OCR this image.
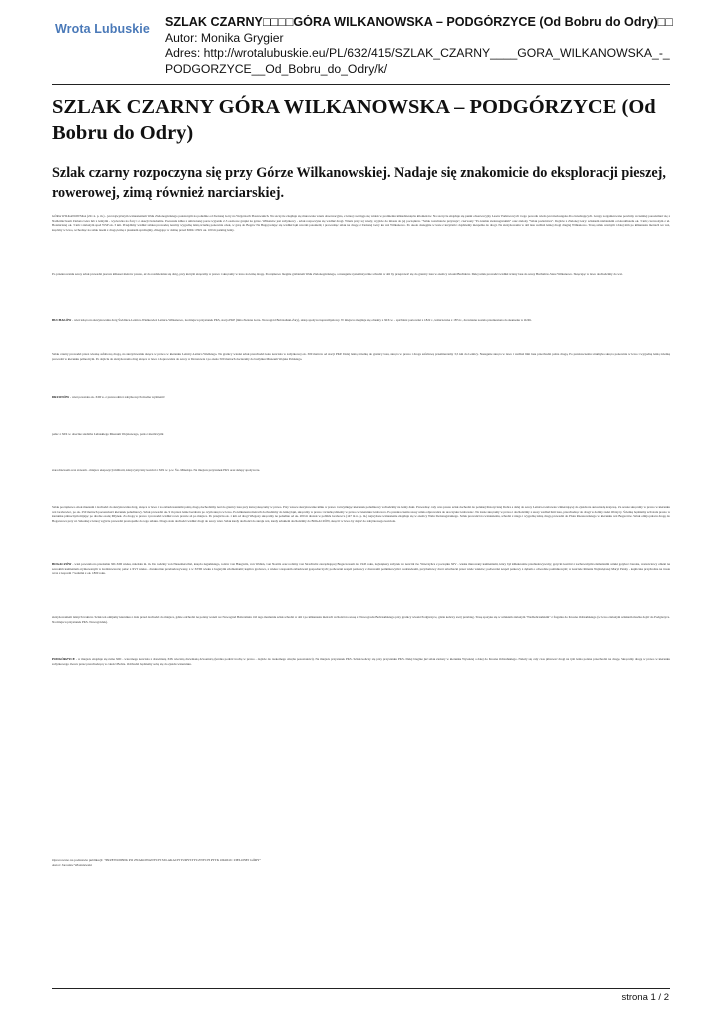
Wrota Lubuskie SZLAK CZARNY□□□□GÓRA WILKANOWSKA – PODGÓRZYCE (Od Bobru do Odry)□□
Autor: Monika Grygier
Adres: http://wrotalubuskie.eu/PL/632/415/SZLAK_CZARNY____GORA_WILKANOWSKA_-_
PODGORZYCE__Od_Bobru_do_Odry/k/
SZLAK CZARNY GÓRA WILKANOWSKA – PODGÓRZYCE (Od Bobru do Odry)
Szlak czarny rozpoczyna się przy Górze Wilkanowskiej. Nadaje się znakomicie do eksploracji pieszej, rowerowej, zimą również narciarskiej.
GÓRA WILKANOWSKA (221 n. p. m.) - jest najwyższym wzniesieniem Wału Zielonogórskiego położonym na południe od Zielonej Góry na Wzgórzach Piastowskich. Na szczycie znajduje się murowana wieża obserwacyjna, z której rozciąga się widok w promieniu kilkudziesięciu kilometrów. Na szczycie znajduje się punkt obserwacyjny Lasów Państwowych i tego powodu wieża jest niedostępna dla zwiedzających. Grupy zorganizowane powinny wcześniej porozumieć się z Nadleśnictwem Zielona Góra lub z leśnymi - wycieczka na Żary i z okazji świadomie. Pozostałe kilku z umówionej porze wyjazdu 2-3 osobowe grupki na górze. Wilkanów jest zabytkowy - szlak rozpoczyna się wzdłuż drogi. Wieża przy tej wieży, wyjście do miasta do jej początków. "Szlak rozwiniecie przystaje", czerwony "Po kramie zielonogórskim" oraz zielony "Szlak pożarnicza". Dojście z Zielonej Góry: szlakiem niebieskim od Areałhotelu ok. 3 km; czerwonym z ul. Botanicznej ok. 3 km i zielonym spod WSP ok. 3 km. Przejdźmy wzdłuż szlaku prowadzą nawiny wygodną leśną ścieżką ponownie obok, w górę do Bogów Na Bugaj udając się wzdłuż łąki rzeczki potokiem; i prowadząc szlak na drogę z Zielonej Góry ku wsi Wilkanowo. Po około dosięgnie w lesie z krzyżem i dojdziemy niespełna do drogi. Na skrzyżowaniu w dół lasu wzdłuż leśnej drogi drugiej Wilkanowo. Trasą szlak czarnym i dalej nim po kilkunastu metrach we wsi, kręcimy w lewo, wchodząc na szlak lasem z drogą leśną z piaskiem spróbujmy, zbiegając w dolinę przed MZK i PKS ok. 100 m parking leśny.
Po przekroczeniu szosy szlak prowadzi jeszcze kilkaset metrów prosto, aż do rozdzielenia się dróg, przy którym skręcamy w prawo i skręcamy w lewo na leśną drogę. Początkowo biegnie grzbietem Wału Zielonogórskiego, a następnie systematycznie schodzi w dół by przeprawić się do granicy lasu w okolicy wioski Buchałów. Dalej szlak prowadzi wzdłuż ściany lasu do szosy Buchałów-Stare Wilkanowo. Skręcając w lewo dochodzimy do wsi.
BUCHAŁÓW - wieś leżąca na skrzyżowaniu dróg Świdnica-Letnica-Wielkowieś Letnica-Wilkanowo, na miejscu przystanek PKS, stacja PKP (linia Zielona Góra- Nowogród Bobrzański-Żary), sklep spożywczoprzemysłowy. W miejscu znajduje się obiekty z XIX w. - spichlerz portowski z 1822 r., leśniczówka z 1874 r., drewniana zostala przeniesiona do skansenu w Ochli.
Szlak czarny prowadzi przez wioskę asfaltową drogą, na skrzyżowaniu skręca w prawo w kierunku Letnicy-Letnica Wielkiego. Na granicy wioski szlak przechodzi koło kościoła w zabytkowej ok. 300 metrów od stacji PKP. Dalej leśną ścieżką do granicy lasu, skręca w prawo i droga asfaltową przemierzamy 3,5 km do Letnicy. Następnie skręca w lewo i wzdłuż linii lasu przechodzi polna drogą. Po przekroczeniu strumyka skręca ponownie w lewo i wygodną leśną ścieżką prowadzi w kierunku północnym. Po dojściu do skrzyżowania dróg skręca w lewo i doprowadza do szosy w Drzonowie i po około 500 metrach docieramy do budynku Muzeum Wojska Polskiego.
DRZONÓW - wieś powstała ok. XIII w. z przewodnicz zabytkowych można wymienić:
pałac z XIX w. obecnie siedziba Lubuskiego Muzeum Wojskowego, park z niezliczymi
starodrzewem oraz stawem - miejsce ekspozycji militarii, klasycystyczny kościół z XIX w. p.w. Św. Mikołaja. Na miejscu przystanek PKS oraz sklepy spożywcze.
Szlak początkowo obok muzeum i dochodzi do skrzyżowania dróg, skręca w lewo i za zabudowaniami polną drogą dochodzimy nad do granicy lasu przy której skręcamy w prawo. Przy wiosce skrzyżowanie kilku w prawo i utrzymując kierunek południowy wchodzimy na leśny dukt. Prowadząc cały czas prosto szlak dochodzi do polskiej historycznej Dobra a dalej do szosy Letnica-Grabowiec zmierzającej do zjazdu na autostradę krajową. Za szosie skręcamy w prawo w kierunku wsi Grabowiec, po ok. 250 metrach pozostałości kierunek południowy. Szlak prowadzi ok. 9 m przez leśne bezdroża po czym skręca w lewo. Po kilkunastu metrach dochodzimy do leśnej łąki, skręcamy w prawo i ścieżką idziemy w prawo w kierunku Grabowca. Po przekroczeniu szosy szlak odprowadza do uroczyska Grabowiec. Na trasie skręcamy w prawo i dochodzimy z szosy wzdłuż linii lasu, przechodząc do drogi w doliny rzeki Obrzycy. Ścieżką będziemy szli stale prosto w kierunku północnym mijając po drodze osadę Młynek. Za drogą w prawo i prowadzi wzdłuż rowu prawie aż po miejsca. Po przejściu ok. 1 km od drogi Wiegozy skręcamy na południe od ok. 200 m drożek w pobliżu Grabowca (147 m n. p. m.) najwyższe wzniesienie znajduje się w okolicy Wału Zielonogórskiego. Szlak prowadzi na wzniesieniu, schodzi z niego i wygodną leśną drogą prowadzi do Płotu Rzeszowskiego w kierunku wsi Bogaczów. Szlak omija pałacu drogę do Bogaczowa przy ul. Szkolnej z której wyjście prowadzi prostopadle do tego szlaku. Droga stale dochodzi wzdłuż drogi do szosy wieś. Szlak kiedy dochodzi do skraju wsi, kiedy szlakiem dochodzimy do BOGACZÓW, skręcić w lewo by dojść do zabytkowego kościoła.
BOGACZÓW - wieś powstała na przełomie XII-XIII wieku, należała m. in. Do rodziny von Niesemerschel, księcia żegańskiego, rodów von Haugwitz, von Wallen, von Nostitz oraz rodziny von Strachwitz zarządzającej Bogaczowem do 1945 roku, największy zabytek to: kościół św. Wawrzyńca z początku XIV - wieku murowany kamieniami, który był kilkakrotnie przebudowywany; gotycki kościół z zachowanymi elementami sztuki gotyku i baroku, wartościowy obiekt na szerokim kamieniem otynkowanym w średniowieczu; pałac z XVI wieku - dwukrotnie przebudowywany, z w XVIII wieku z bogatymi zdobieniami; kaplica grobowa, z wieku i zespołem zabudowań gospodarczych; podworski zespół parkowy z drzewami pomnikowymi i sadzawkami, przydomowy dwór szlachecki przez wiele wieków; podworski zespół parkowy z dębem o obwodzie pomnikowym; w kościele Imienia Najświętszej Maryi Panny - kapliczka przydrożna na trasie wraz z kopcem 7 kolumn z ok. 1800 roku.
skrzyżowaniem leśnych traktów. Szlak ten omijamy kierunku z dala przed dochodzi do miejsca, gdzie odchodzi na polany wokół we Nowogród Bobrzański. Od tego momentu szlak schodzi w dół i po kilkunastu metrach wchodzi na szosę z Nowogrodu Bobrzańskiego przy granicy wioski Podgórzyce, gdzie kończy swój przebieg. Trasę spotyka się w szlakiem zielonym "Nadbobrzańskim" z Żagania do Krosna Odrzańskiego (w lewo zielonym szlakiem można dojść do Podgórzyce. Na miejscu przystanek PKS. Nowogródek).
PODGÓRZYCE - w miejscu znajduje się ruina XIII - wiecznego kościoła z drewnianą XIX wieczną drewnianą dzwonnicą (krótka podróż trochę w prawo - dojście do rzekomego obrębu pozostałości). Na miejscu przystanek PKS. Szlak kończy się przy przystanku PKS. Dalej biegnie już szlak zielony w kierunku Wysokiej a dalej do Krosna Odrzańskiego. Należy się cały czas pilnować drogi na tym leśna polana przechodzi na drogę. Skręcamy drogą w prawo w kierunku zabytkowego dworu przez przechodzącą w całości Bobru. Odchodzi będziemy sobą się do zjazdu wizerunku.
Opracowano na podstawie publikacji: "PRZEWODNIK PO ZNAKOWANYCH SZLAKACH TURYSTYCZNYCH PTTK OKOLIC ZIELONEJ GÓRY"
Autor: Jarosław Wiszniewski
strona 1 / 2
